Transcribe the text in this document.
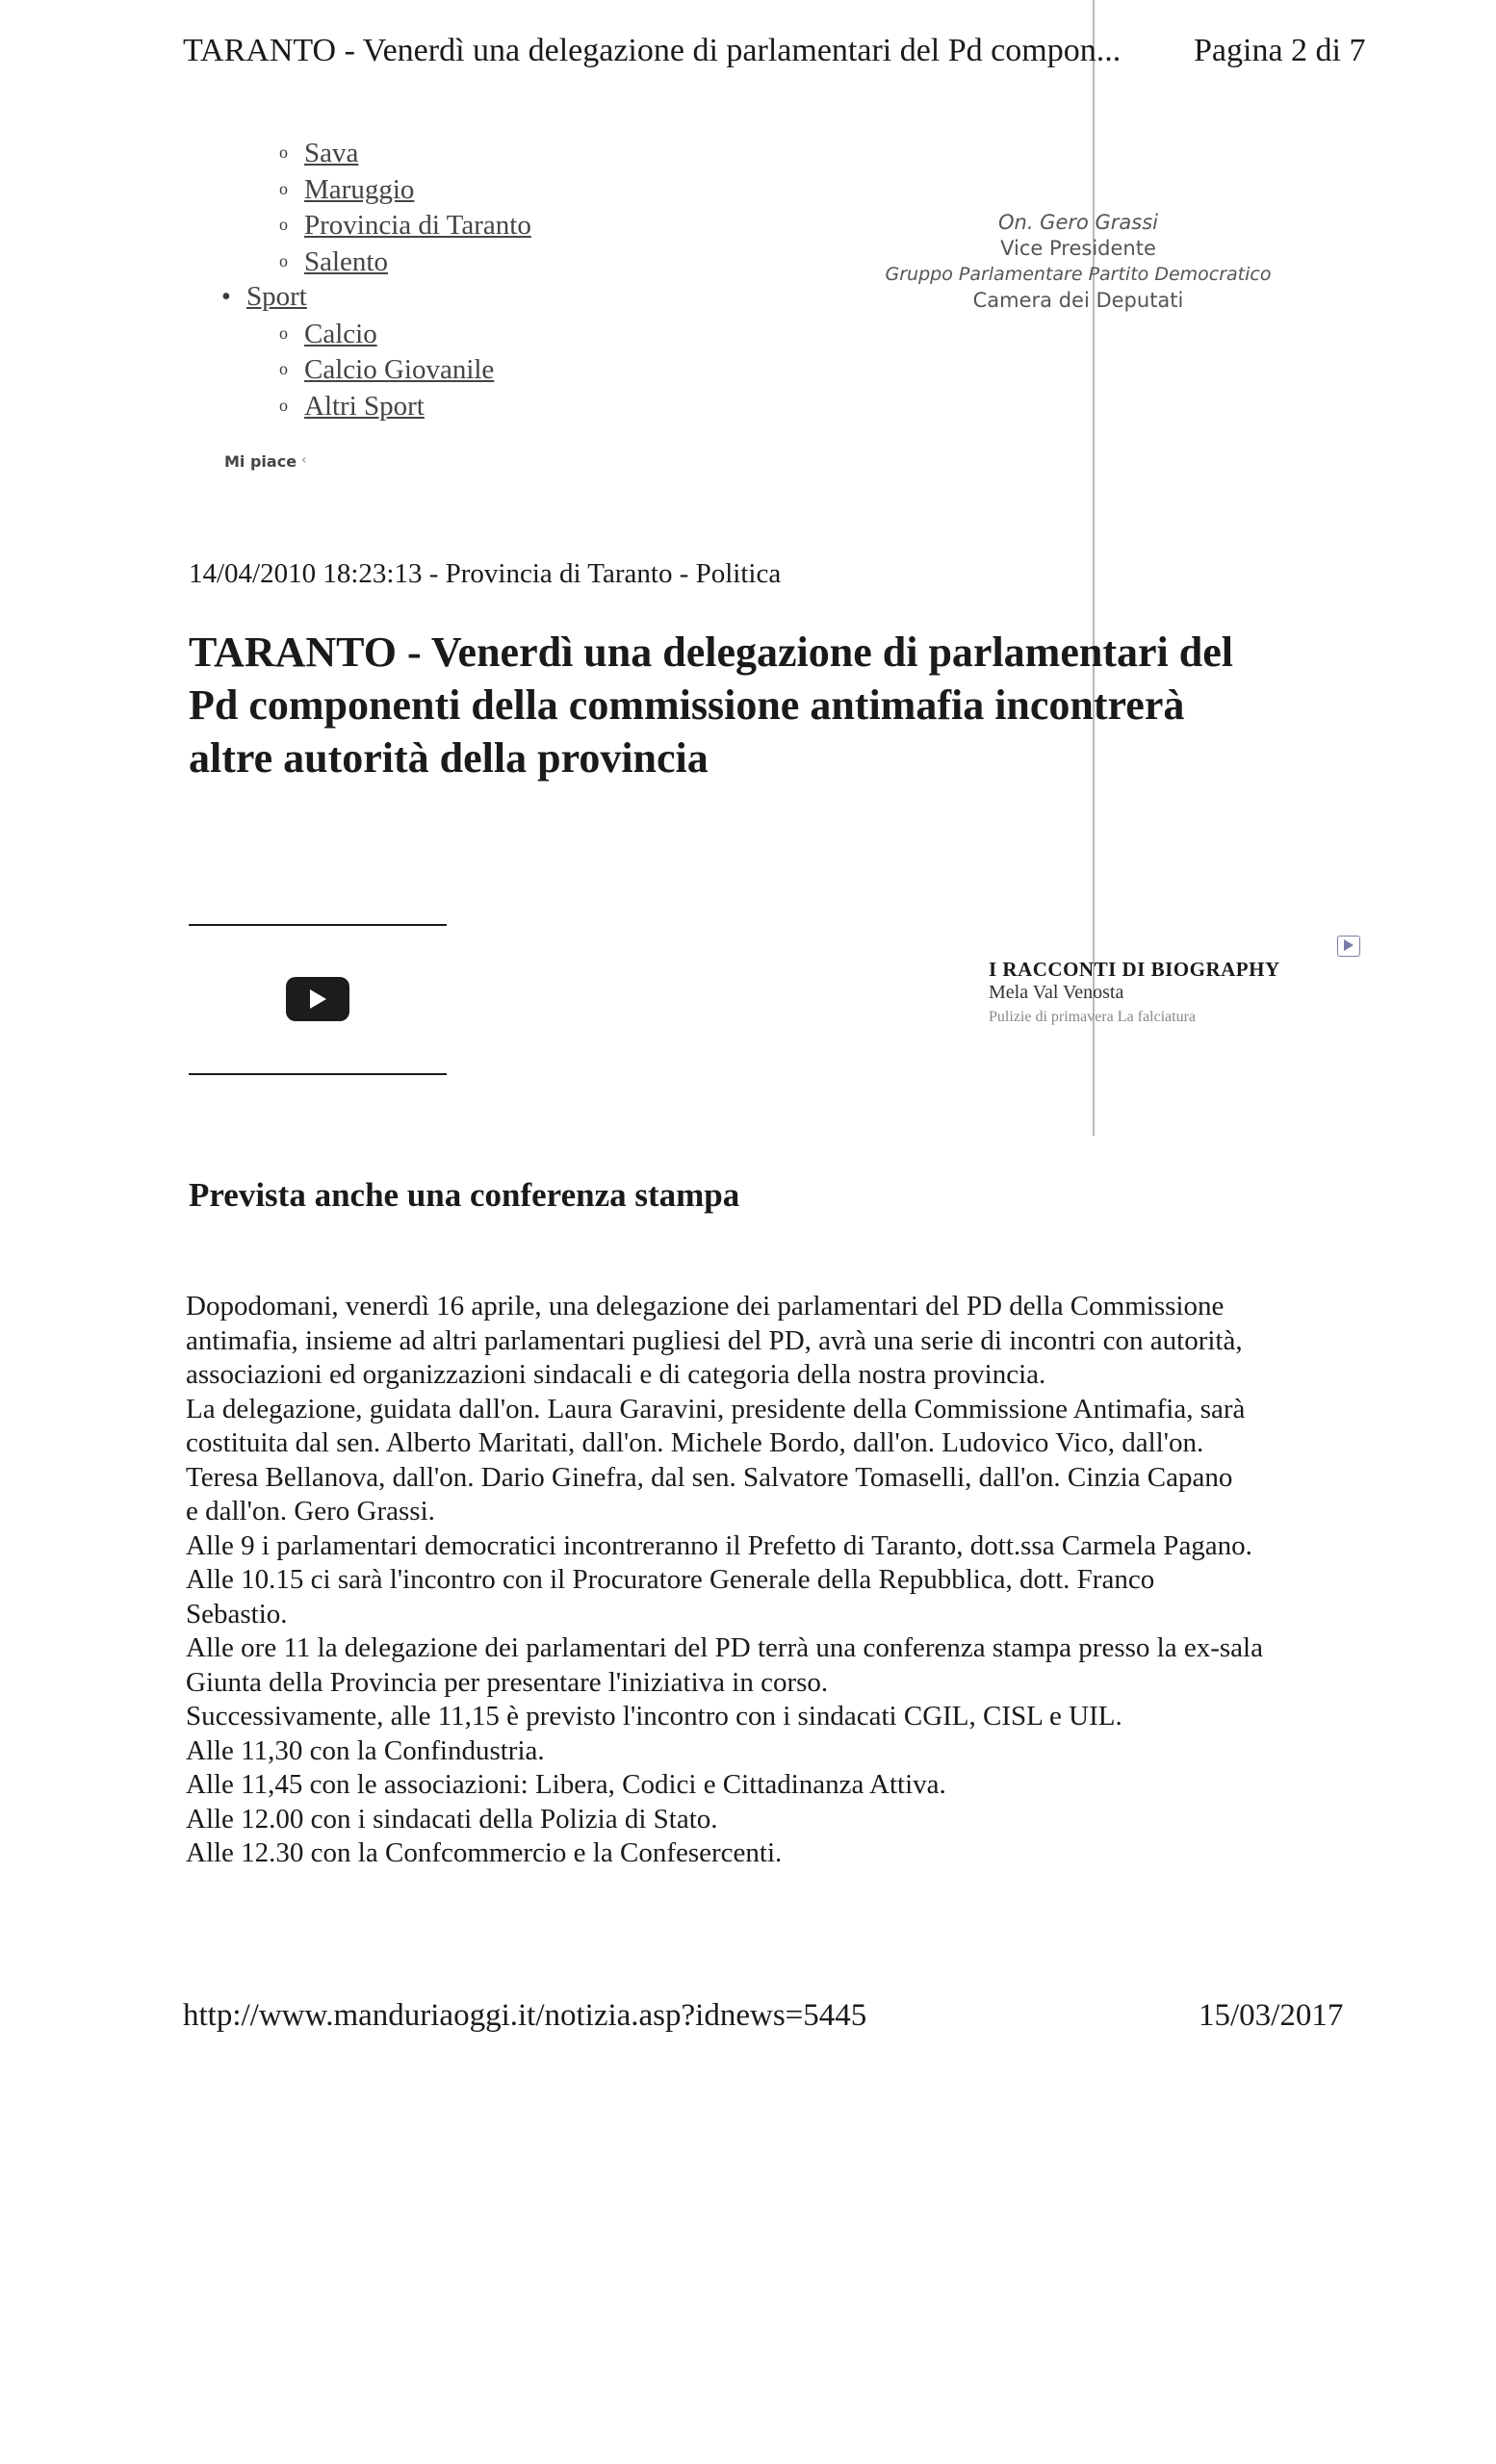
TARANTO - Venerdì una delegazione di parlamentari del Pd compon... Pagina 2 di 7
o Sava
o Maruggio
o Provincia di Taranto
o Salento
• Sport
o Calcio
o Calcio Giovanile
o Altri Sport
On. Gero Grassi
Vice Presidente
Gruppo Parlamentare Partito Democratico
Camera dei Deputati
Mi piace ‹
14/04/2010 18:23:13 - Provincia di Taranto - Politica
TARANTO - Venerdì una delegazione di parlamentari del
Pd componenti della commissione antimafia incontrerà
altre autorità della provincia
I RACCONTI DI BIOGRAPHY
Mela Val Venosta
Pulizie di primavera La falciatura
Prevista anche una conferenza stampa
Dopodomani, venerdì 16 aprile, una delegazione dei parlamentari del PD della Commissione
antimafia, insieme ad altri parlamentari pugliesi del PD, avrà una serie di incontri con autorità,
associazioni ed organizzazioni sindacali e di categoria della nostra provincia.
La delegazione, guidata dall'on. Laura Garavini, presidente della Commissione Antimafia, sarà
costituita dal sen. Alberto Maritati, dall'on. Michele Bordo, dall'on. Ludovico Vico, dall'on.
Teresa Bellanova, dall'on. Dario Ginefra, dal sen. Salvatore Tomaselli, dall'on. Cinzia Capano
e dall'on. Gero Grassi.
Alle 9 i parlamentari democratici incontreranno il Prefetto di Taranto, dott.ssa Carmela Pagano.
Alle 10.15 ci sarà l'incontro con il Procuratore Generale della Repubblica, dott. Franco
Sebastio.
Alle ore 11 la delegazione dei parlamentari del PD terrà una conferenza stampa presso la ex-sala
Giunta della Provincia per presentare l'iniziativa in corso.
Successivamente, alle 11,15 è previsto l'incontro con i sindacati CGIL, CISL e UIL.
Alle 11,30 con la Confindustria.
Alle 11,45 con le associazioni: Libera, Codici e Cittadinanza Attiva.
Alle 12.00 con i sindacati della Polizia di Stato.
Alle 12.30 con la Confcommercio e la Confesercenti.
http://www.manduriaoggi.it/notizia.asp?idnews=5445	15/03/2017
